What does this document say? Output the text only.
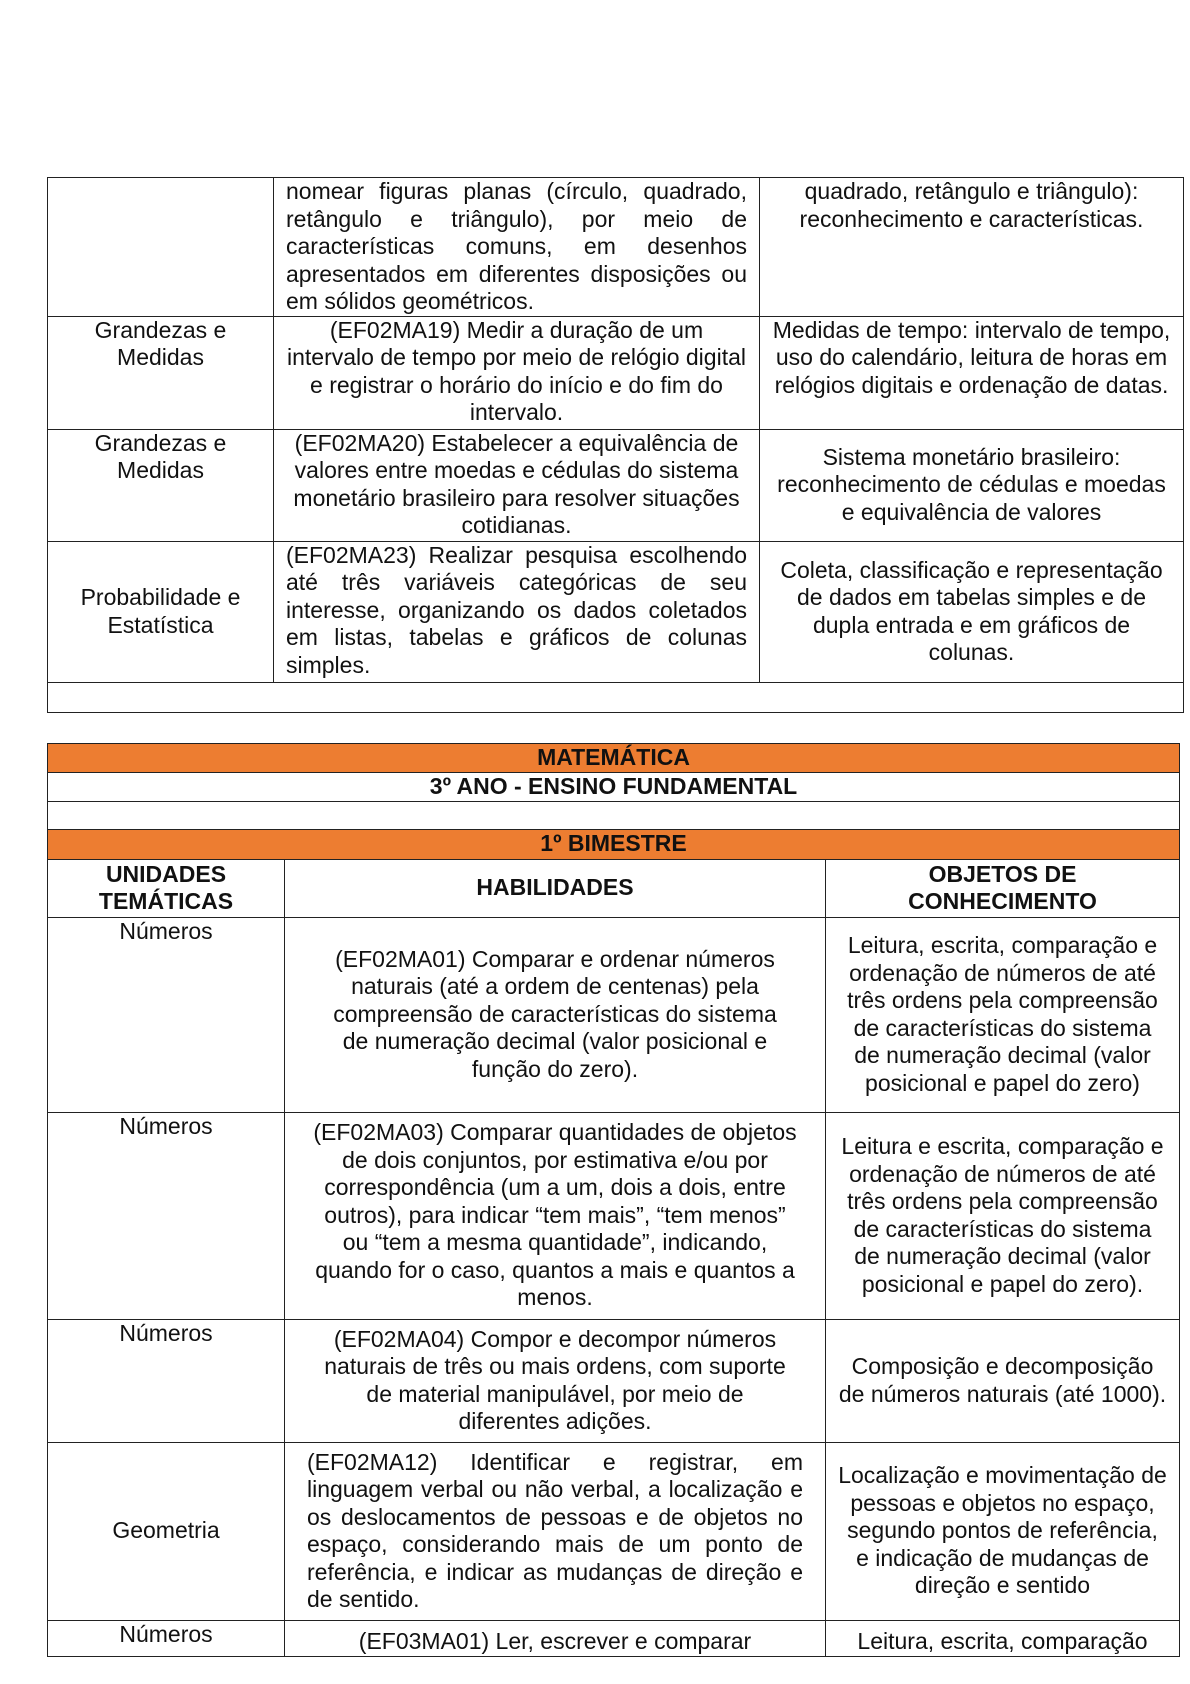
	nomear figuras planas (círculo, quadrado, retângulo e triângulo), por meio de características comuns, em desenhos apresentados em diferentes disposições ou em sólidos geométricos.	quadrado, retângulo e triângulo): reconhecimento e características.
Grandezas e Medidas	(EF02MA19) Medir a duração de um intervalo de tempo por meio de relógio digital e registrar o horário do início e do fim do intervalo.	Medidas de tempo: intervalo de tempo, uso do calendário, leitura de horas em relógios digitais e ordenação de datas.
Grandezas e Medidas	(EF02MA20) Estabelecer a equivalência de valores entre moedas e cédulas do sistema monetário brasileiro para resolver situações cotidianas.	Sistema monetário brasileiro: reconhecimento de cédulas e moedas e equivalência de valores
Probabilidade e Estatística	(EF02MA23) Realizar pesquisa escolhendo até três variáveis categóricas de seu interesse, organizando os dados coletados em listas, tabelas e gráficos de colunas simples.	Coleta, classificação e representação de dados em tabelas simples e de dupla entrada e em gráficos de colunas.

MATEMÁTICA		
3º ANO - ENSINO FUNDAMENTAL		

1º BIMESTRE		
UNIDADES TEMÁTICAS	HABILIDADES	OBJETOS DE CONHECIMENTO
Números	(EF02MA01) Comparar e ordenar números naturais (até a ordem de centenas) pela compreensão de características do sistema de numeração decimal (valor posicional e função do zero).	Leitura, escrita, comparação e ordenação de números de até três ordens pela compreensão de características do sistema de numeração decimal (valor posicional e papel do zero)
Números	(EF02MA03) Comparar quantidades de objetos de dois conjuntos, por estimativa e/ou por correspondência (um a um, dois a dois, entre outros), para indicar “tem mais”, “tem menos” ou “tem a mesma quantidade”, indicando, quando for o caso, quantos a mais e quantos a menos.	Leitura e escrita, comparação e ordenação de números de até três ordens pela compreensão de características do sistema de numeração decimal (valor posicional e papel do zero).
Números	(EF02MA04) Compor e decompor números naturais de três ou mais ordens, com suporte de material manipulável, por meio de diferentes adições.	Composição e decomposição de números naturais (até 1000).
Geometria	(EF02MA12) Identificar e registrar, em linguagem verbal ou não verbal, a localização e os deslocamentos de pessoas e de objetos no espaço, considerando mais de um ponto de referência, e indicar as mudanças de direção e de sentido.	Localização e movimentação de pessoas e objetos no espaço, segundo pontos de referência, e indicação de mudanças de direção e sentido
Números	(EF03MA01) Ler, escrever e comparar	Leitura, escrita, comparação
